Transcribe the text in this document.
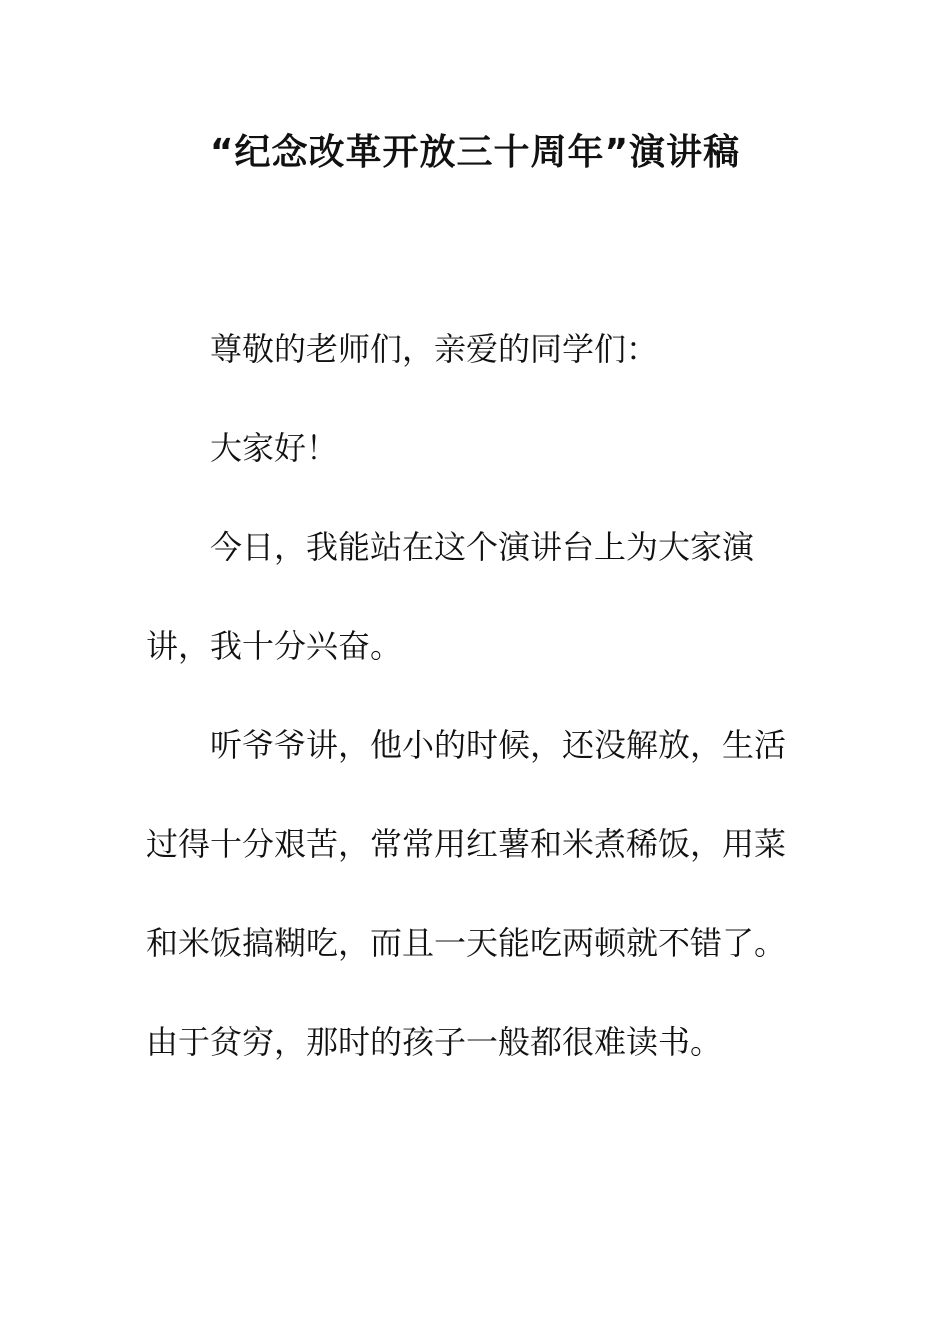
“纪念改革开放三十周年”演讲稿

尊敬的老师们，亲爱的同学们：

大家好！

今日，我能站在这个演讲台上为大家演讲，我十分兴奋。

听爷爷讲，他小的时候，还没解放，生活过得十分艰苦，常常用红薯和米煮稀饭，用菜和米饭搞糊吃，而且一天能吃两顿就不错了。由于贫穷，那时的孩子一般都很难读书。
